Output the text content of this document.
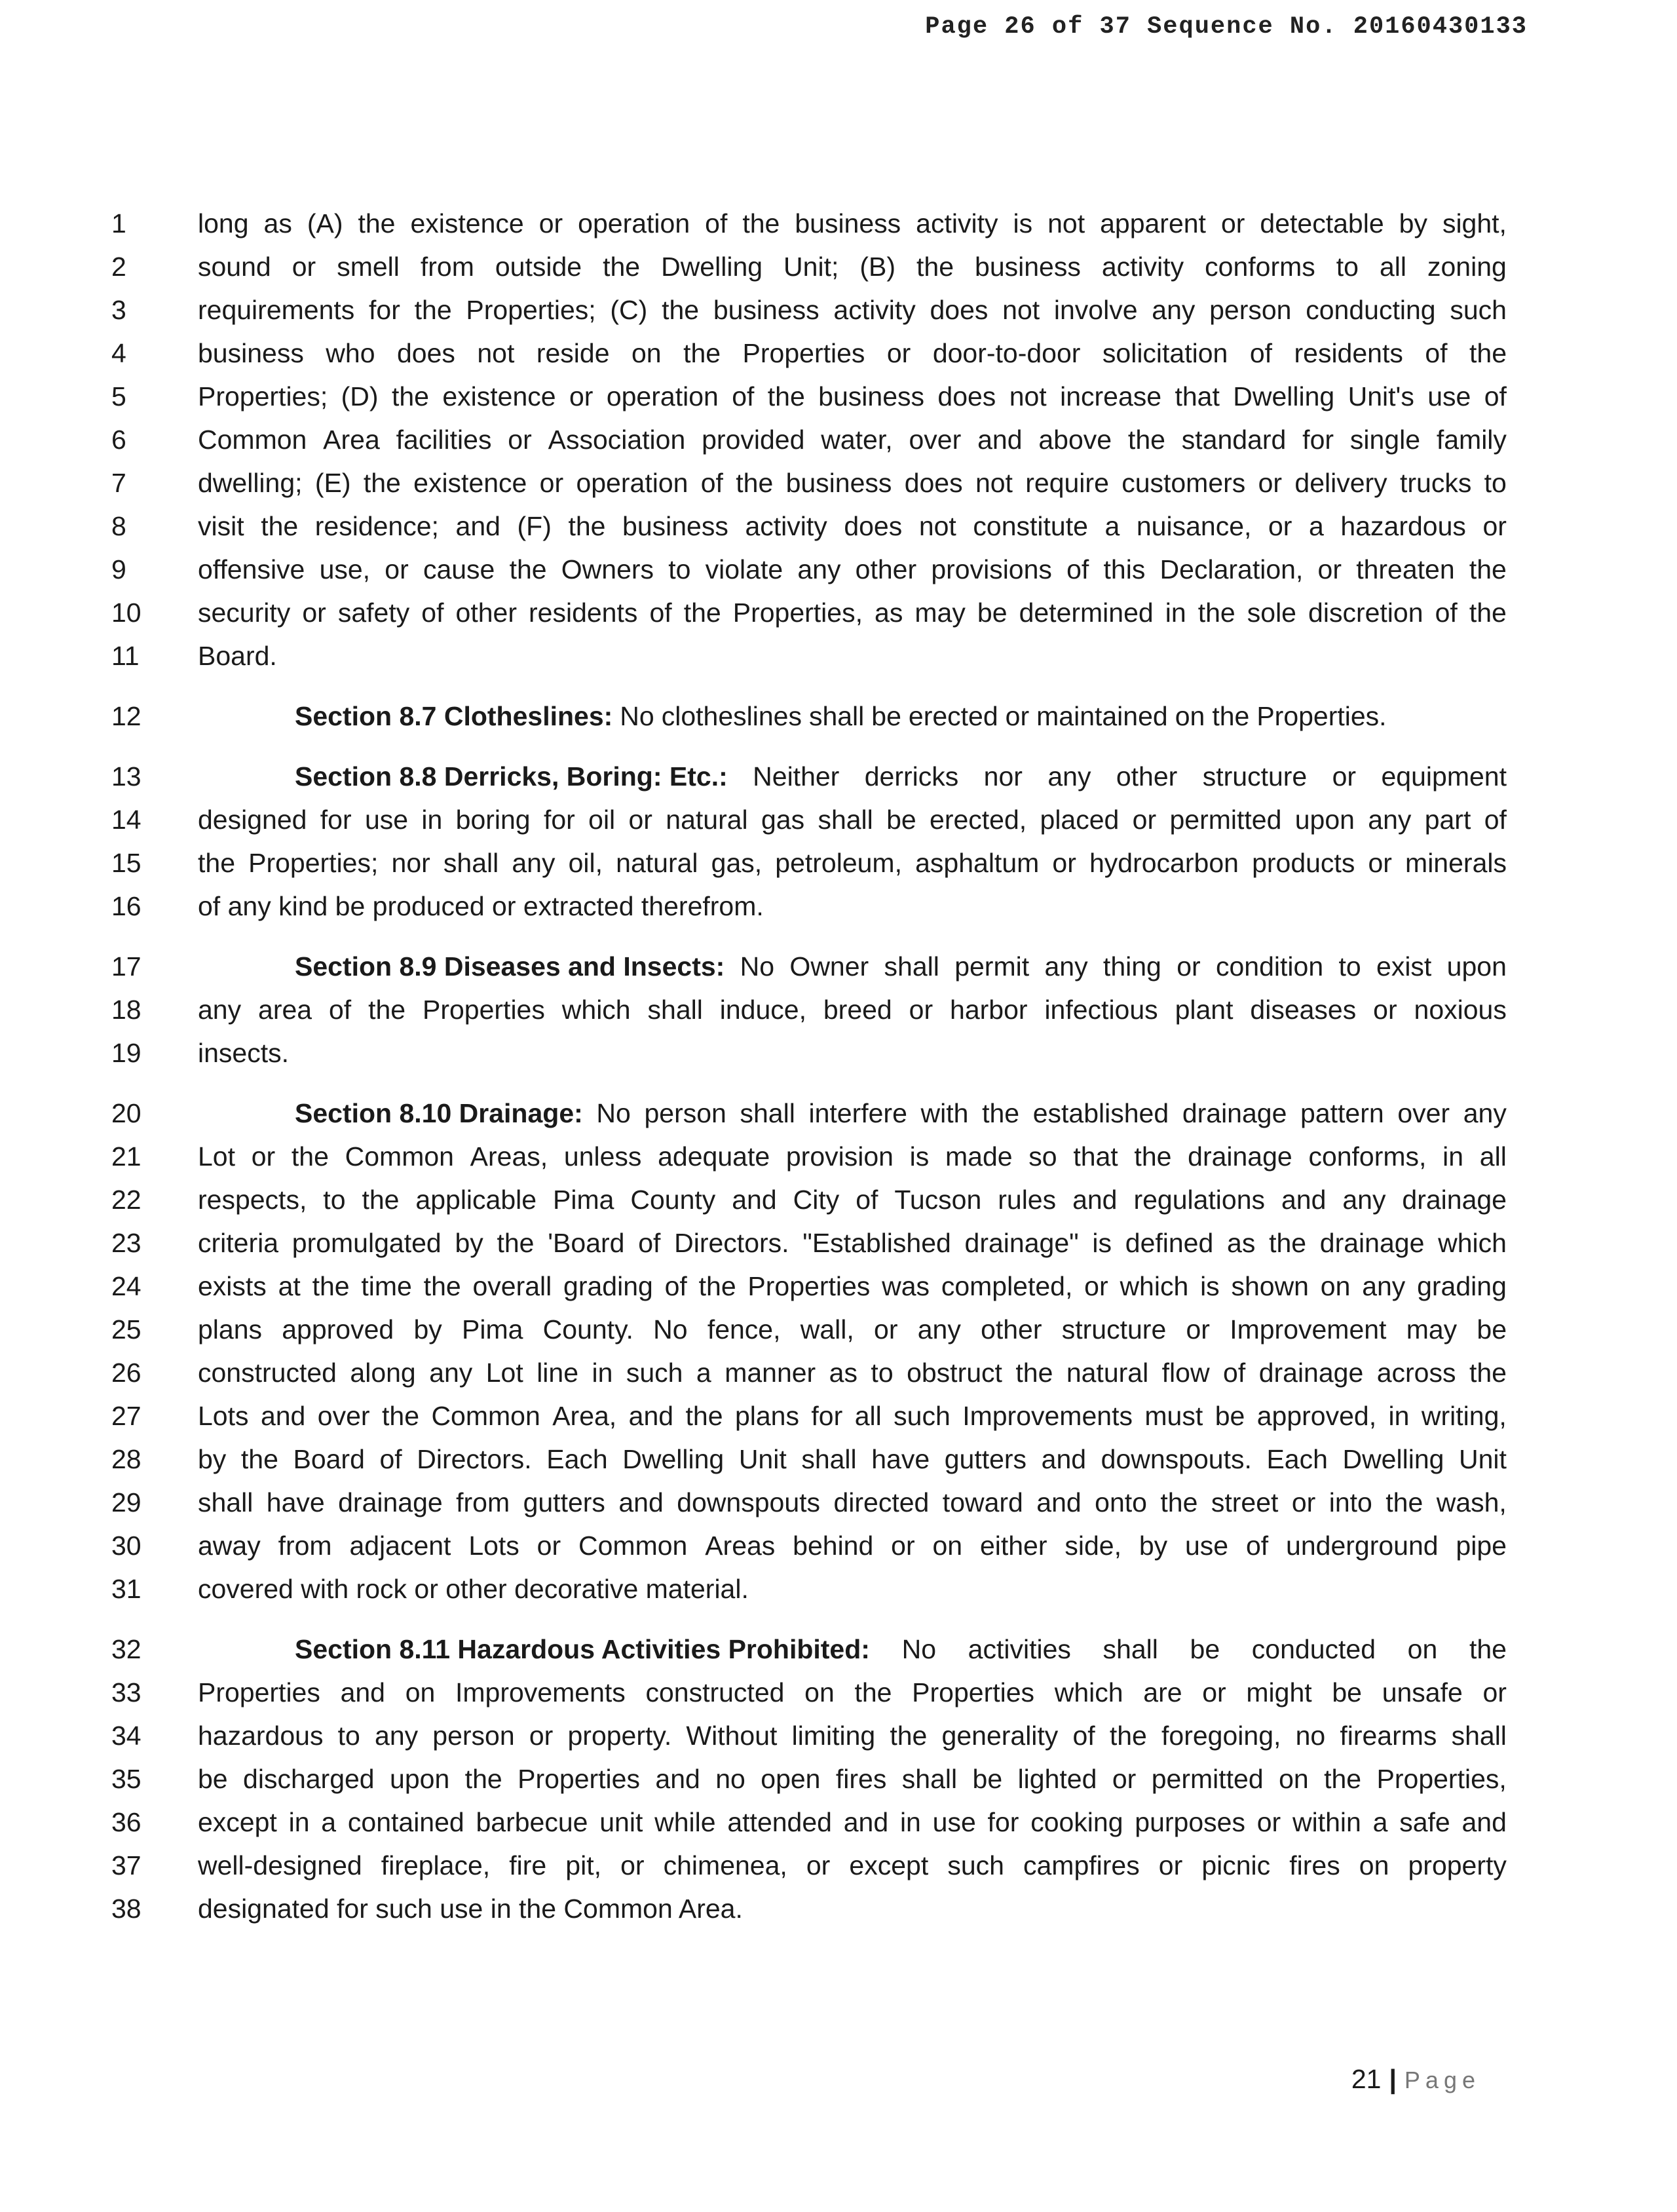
Page 26 of 37 Sequence No. 20160430133
1	long as (A) the existence or operation of the business activity is not apparent or detectable by sight,
2	sound or smell from outside the Dwelling Unit; (B) the business activity conforms to all zoning
3	requirements for the Properties; (C) the business activity does not involve any person conducting such
4	business who does not reside on the Properties or door-to-door solicitation of residents of the
5	Properties; (D) the existence or operation of the business does not increase that Dwelling Unit's use of
6	Common Area facilities or Association provided water, over and above the standard for single family
7	dwelling; (E) the existence or operation of the business does not require customers or delivery trucks to
8	visit the residence; and (F) the business activity does not constitute a nuisance, or a hazardous or
9	offensive use, or cause the Owners to violate any other provisions of this Declaration, or threaten the
10	security or safety of other residents of the Properties, as may be determined in the sole discretion of the
11	Board.
12	Section 8.7 Clotheslines: No clotheslines shall be erected or maintained on the Properties.
13	Section 8.8 Derricks, Boring: Etc.: Neither derricks nor any other structure or equipment
14	designed for use in boring for oil or natural gas shall be erected, placed or permitted upon any part of
15	the Properties; nor shall any oil, natural gas, petroleum, asphaltum or hydrocarbon products or minerals
16	of any kind be produced or extracted therefrom.
17	Section 8.9 Diseases and Insects: No Owner shall permit any thing or condition to exist upon
18	any area of the Properties which shall induce, breed or harbor infectious plant diseases or noxious
19	insects.
20	Section 8.10 Drainage: No person shall interfere with the established drainage pattern over any
21	Lot or the Common Areas, unless adequate provision is made so that the drainage conforms, in all
22	respects, to the applicable Pima County and City of Tucson rules and regulations and any drainage
23	criteria promulgated by the 'Board of Directors. "Established drainage" is defined as the drainage which
24	exists at the time the overall grading of the Properties was completed, or which is shown on any grading
25	plans approved by Pima County. No fence, wall, or any other structure or Improvement may be
26	constructed along any Lot line in such a manner as to obstruct the natural flow of drainage across the
27	Lots and over the Common Area, and the plans for all such Improvements must be approved, in writing,
28	by the Board of Directors. Each Dwelling Unit shall have gutters and downspouts. Each Dwelling Unit
29	shall have drainage from gutters and downspouts directed toward and onto the street or into the wash,
30	away from adjacent Lots or Common Areas behind or on either side, by use of underground pipe
31	covered with rock or other decorative material.
32	Section 8.11 Hazardous Activities Prohibited: No activities shall be conducted on the
33	Properties and on Improvements constructed on the Properties which are or might be unsafe or
34	hazardous to any person or property. Without limiting the generality of the foregoing, no firearms shall
35	be discharged upon the Properties and no open fires shall be lighted or permitted on the Properties,
36	except in a contained barbecue unit while attended and in use for cooking purposes or within a safe and
37	well-designed fireplace, fire pit, or chimenea, or except such campfires or picnic fires on property
38	designated for such use in the Common Area.
21 | Page
